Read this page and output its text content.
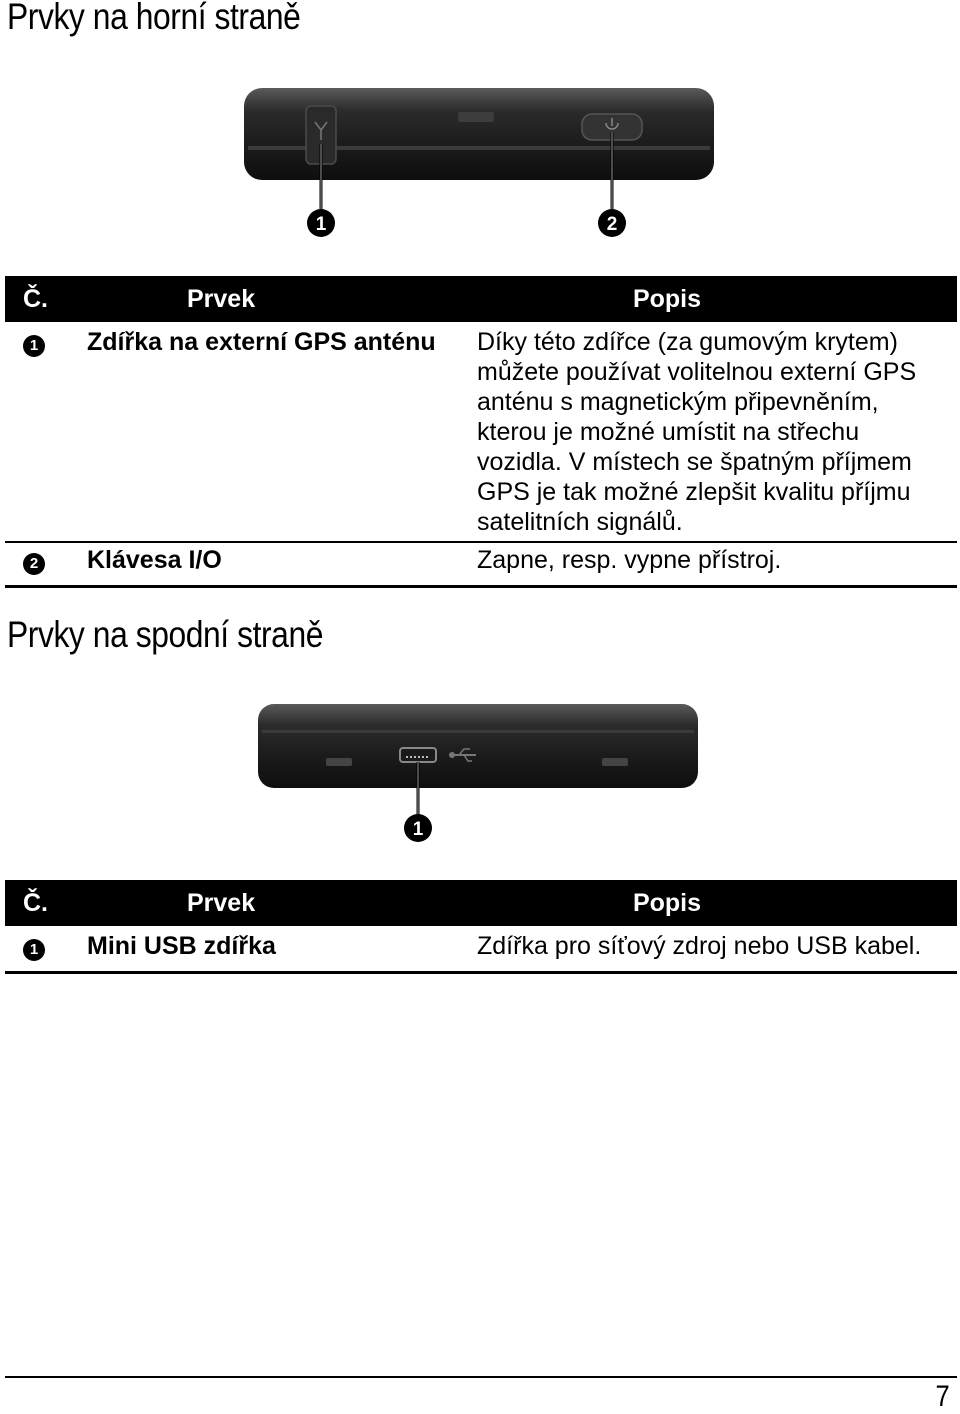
Prvky na horní straně
1	2
Č.	Prvek	Popis
1	Zdířka na externí GPS anténu	Díky této zdířce (za gumovým krytem) můžete používat volitelnou externí GPS anténu s magnetickým připevněním, kterou je možné umístit na střechu vozidla. V místech se špatným příjmem GPS je tak možné zlepšit kvalitu příjmu satelitních signálů.
2	Klávesa I/O	Zapne, resp. vypne přístroj.
Prvky na spodní straně
1
Č.	Prvek	Popis
1	Mini USB zdířka	Zdířka pro síťový zdroj nebo USB kabel.
7
